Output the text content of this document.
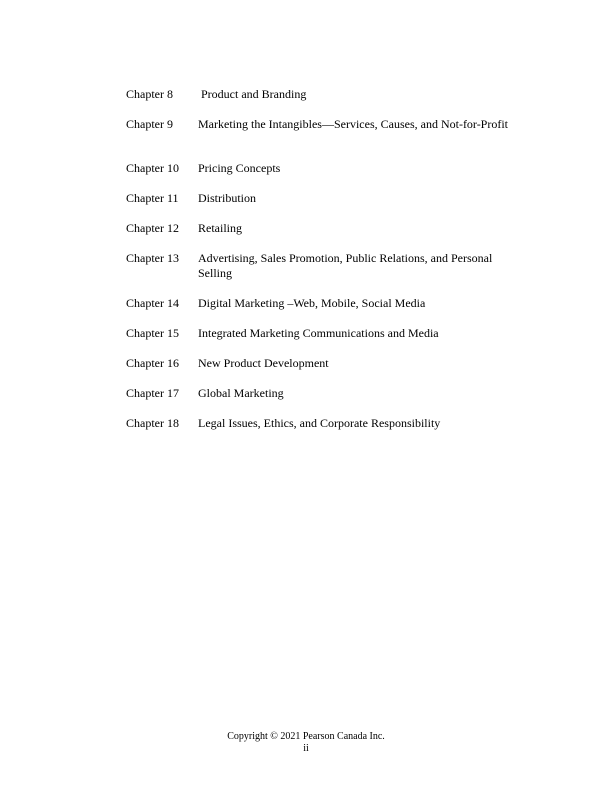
Chapter 8	Product and Branding
Chapter 9	Marketing the Intangibles—Services, Causes, and Not-for-Profit
Chapter 10	Pricing Concepts
Chapter 11	Distribution
Chapter 12	Retailing
Chapter 13	Advertising, Sales Promotion, Public Relations, and Personal Selling
Chapter 14	Digital Marketing –Web, Mobile, Social Media
Chapter 15	Integrated Marketing Communications and Media
Chapter 16	New Product Development
Chapter 17	Global Marketing
Chapter 18	Legal Issues, Ethics, and Corporate Responsibility
Copyright © 2021 Pearson Canada Inc.
ii
